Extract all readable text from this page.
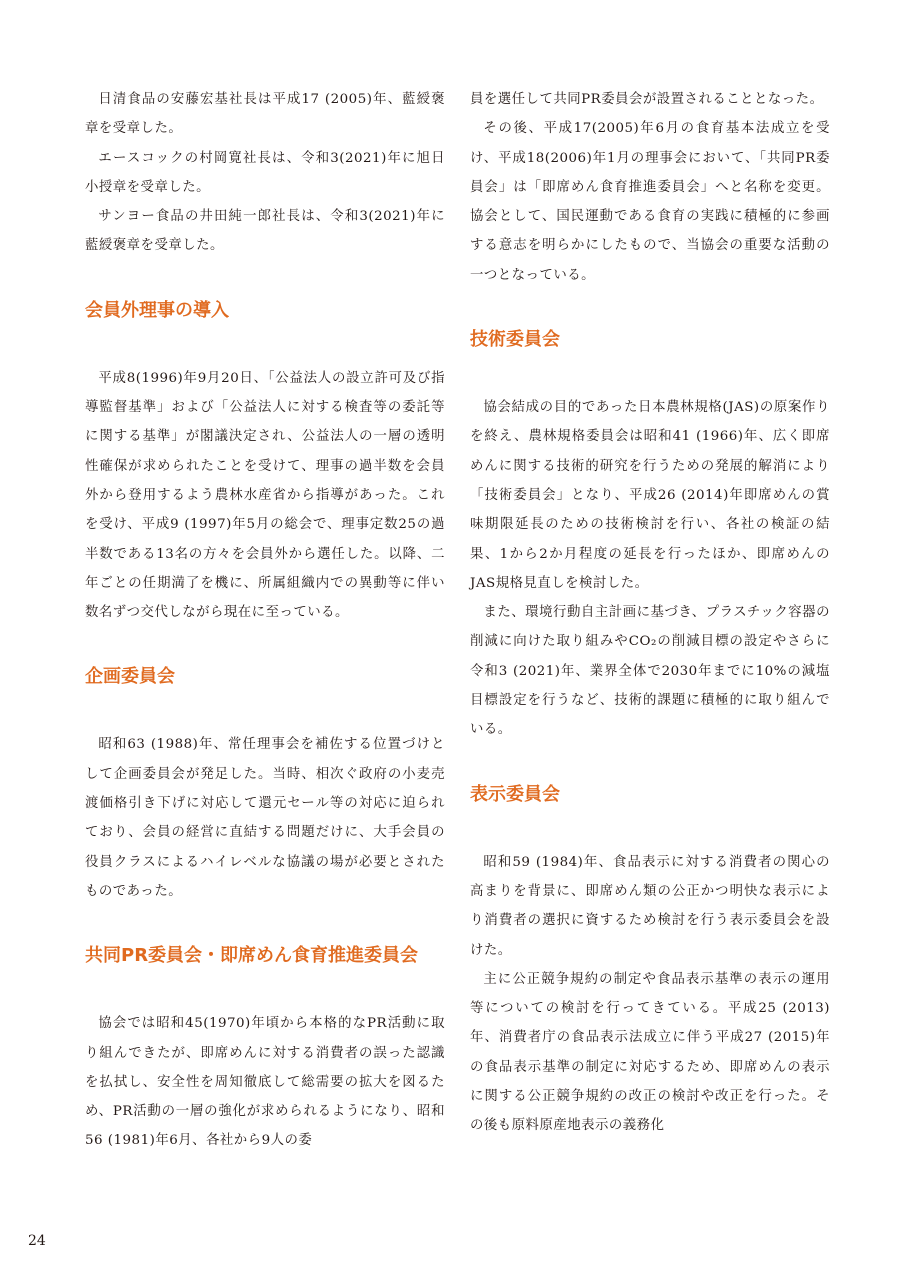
日清食品の安藤宏基社長は平成17 (2005)年、藍綬褒章を受章した。

エースコックの村岡寛社長は、令和3(2021)年に旭日小授章を受章した。

サンヨー食品の井田純一郎社長は、令和3(2021)年に藍綬褒章を受章した。

会員外理事の導入

平成8(1996)年9月20日、「公益法人の設立許可及び指導監督基準」および「公益法人に対する検査等の委託等に関する基準」が閣議決定され、公益法人の一層の透明性確保が求められたことを受けて、理事の過半数を会員外から登用するよう農林水産省から指導があった。これを受け、平成9 (1997)年5月の総会で、理事定数25の過半数である13名の方々を会員外から選任した。以降、二年ごとの任期満了を機に、所属組織内での異動等に伴い数名ずつ交代しながら現在に至っている。

企画委員会

昭和63 (1988)年、常任理事会を補佐する位置づけとして企画委員会が発足した。当時、相次ぐ政府の小麦売渡価格引き下げに対応して還元セール等の対応に迫られており、会員の経営に直結する問題だけに、大手会員の役員クラスによるハイレベルな協議の場が必要とされたものであった。

共同PR委員会・即席めん食育推進委員会

協会では昭和45(1970)年頃から本格的なPR活動に取り組んできたが、即席めんに対する消費者の誤った認識を払拭し、安全性を周知徹底して総需要の拡大を図るため、PR活動の一層の強化が求められるようになり、昭和56 (1981)年6月、各社から9人の委

員を選任して共同PR委員会が設置されることとなった。

その後、平成17(2005)年6月の食育基本法成立を受け、平成18(2006)年1月の理事会において、「共同PR委員会」は「即席めん食育推進委員会」へと名称を変更。協会として、国民運動である食育の実践に積極的に参画する意志を明らかにしたもので、当協会の重要な活動の一つとなっている。

技術委員会

協会結成の目的であった日本農林規格(JAS)の原案作りを終え、農林規格委員会は昭和41 (1966)年、広く即席めんに関する技術的研究を行うための発展的解消により「技術委員会」となり、平成26 (2014)年即席めんの賞味期限延長のための技術検討を行い、各社の検証の結果、1から2か月程度の延長を行ったほか、即席めんのJAS規格見直しを検討した。

また、環境行動自主計画に基づき、プラスチック容器の削減に向けた取り組みやCO₂の削減目標の設定やさらに令和3 (2021)年、業界全体で2030年までに10%の減塩目標設定を行うなど、技術的課題に積極的に取り組んでいる。

表示委員会

昭和59 (1984)年、食品表示に対する消費者の関心の高まりを背景に、即席めん類の公正かつ明快な表示により消費者の選択に資するため検討を行う表示委員会を設けた。

主に公正競争規約の制定や食品表示基準の表示の運用等についての検討を行ってきている。平成25 (2013)年、消費者庁の食品表示法成立に伴う平成27 (2015)年の食品表示基準の制定に対応するため、即席めんの表示に関する公正競争規約の改正の検討や改正を行った。その後も原料原産地表示の義務化

24
